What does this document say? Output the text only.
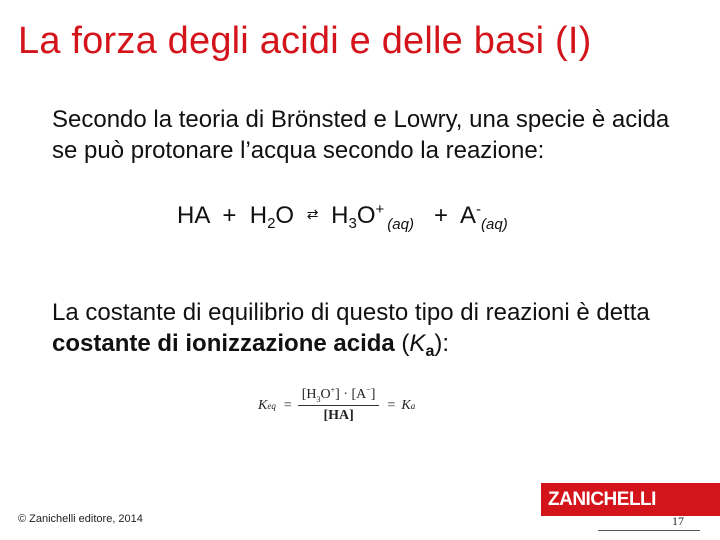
La forza degli acidi e delle basi (I)
Secondo la teoria di Brönsted e Lowry, una specie è acida se può protonare l’acqua secondo la reazione:
HA + $H_2O$ ⇄ $H_3O^+_{(aq)} + A^-_{(aq)}$
La costante di equilibrio di questo tipo di reazioni è detta costante di ionizzazione acida $(K_a)$:
Keq = $\frac{[H_3O^+] \cdot [A^-]}{[HA]} = Ka$
© Zanichelli editore, 2014
ZANICHELLI
17
